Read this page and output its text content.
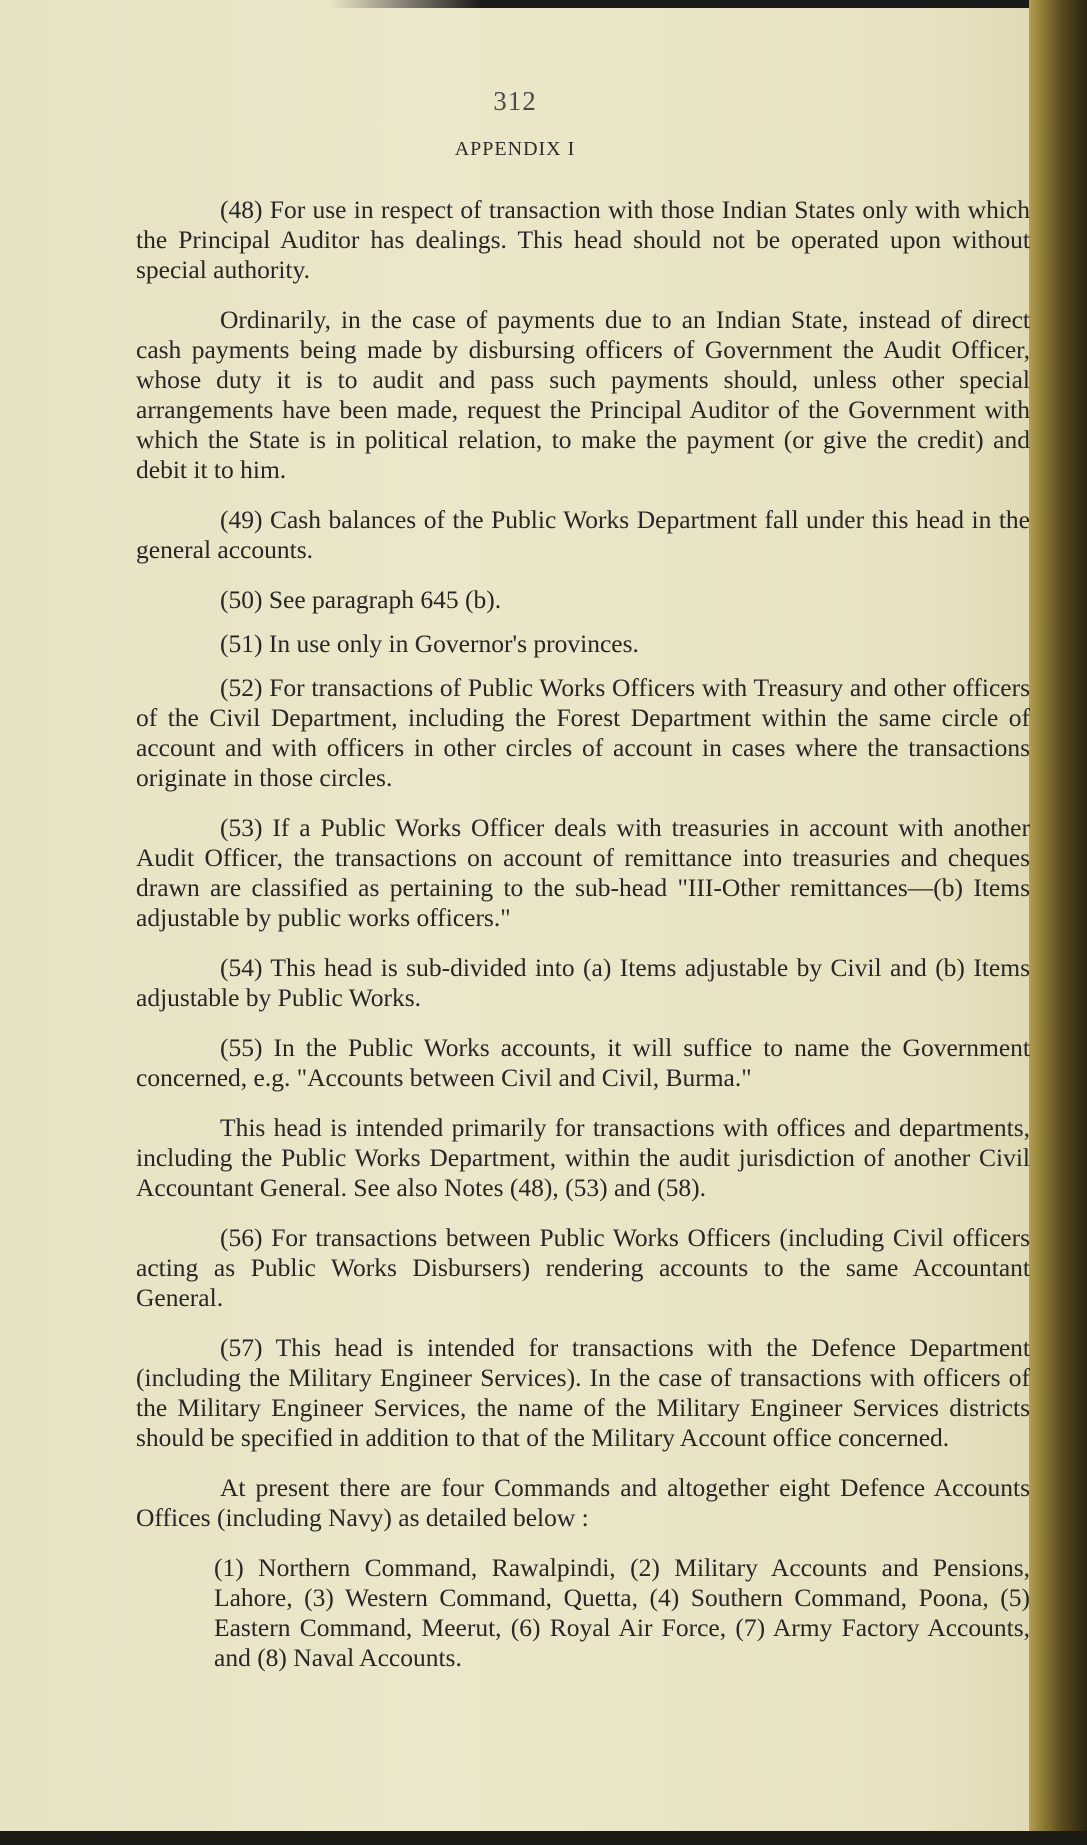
312
APPENDIX I

(48) For use in respect of transaction with those Indian States only with which the Principal Auditor has dealings. This head should not be operated upon without special authority.

Ordinarily, in the case of payments due to an Indian State, instead of direct cash payments being made by disbursing officers of Government the Audit Officer, whose duty it is to audit and pass such payments should, unless other special arrangements have been made, request the Principal Auditor of the Government with which the State is in political relation, to make the payment (or give the credit) and debit it to him.

(49) Cash balances of the Public Works Department fall under this head in the general accounts.

(50) See paragraph 645 (b).

(51) In use only in Governor's provinces.

(52) For transactions of Public Works Officers with Treasury and other officers of the Civil Department, including the Forest Department within the same circle of account and with officers in other circles of account in cases where the transactions originate in those circles.

(53) If a Public Works Officer deals with treasuries in account with another Audit Officer, the transactions on account of remittance into treasuries and cheques drawn are classified as pertaining to the sub-head "III-Other remittances—(b) Items adjustable by public works officers."

(54) This head is sub-divided into (a) Items adjustable by Civil and (b) Items adjustable by Public Works.

(55) In the Public Works accounts, it will suffice to name the Government concerned, e.g. "Accounts between Civil and Civil, Burma."

This head is intended primarily for transactions with offices and departments, including the Public Works Department, within the audit jurisdiction of another Civil Accountant General. See also Notes (48), (53) and (58).

(56) For transactions between Public Works Officers (including Civil officers acting as Public Works Disbursers) rendering accounts to the same Accountant General.

(57) This head is intended for transactions with the Defence Department (including the Military Engineer Services). In the case of transactions with officers of the Military Engineer Services, the name of the Military Engineer Services districts should be specified in addition to that of the Military Account office concerned.

At present there are four Commands and altogether eight Defence Accounts Offices (including Navy) as detailed below :

(1) Northern Command, Rawalpindi, (2) Military Accounts and Pensions, Lahore, (3) Western Command, Quetta, (4) Southern Command, Poona, (5) Eastern Command, Meerut, (6) Royal Air Force, (7) Army Factory Accounts, and (8) Naval Accounts.
